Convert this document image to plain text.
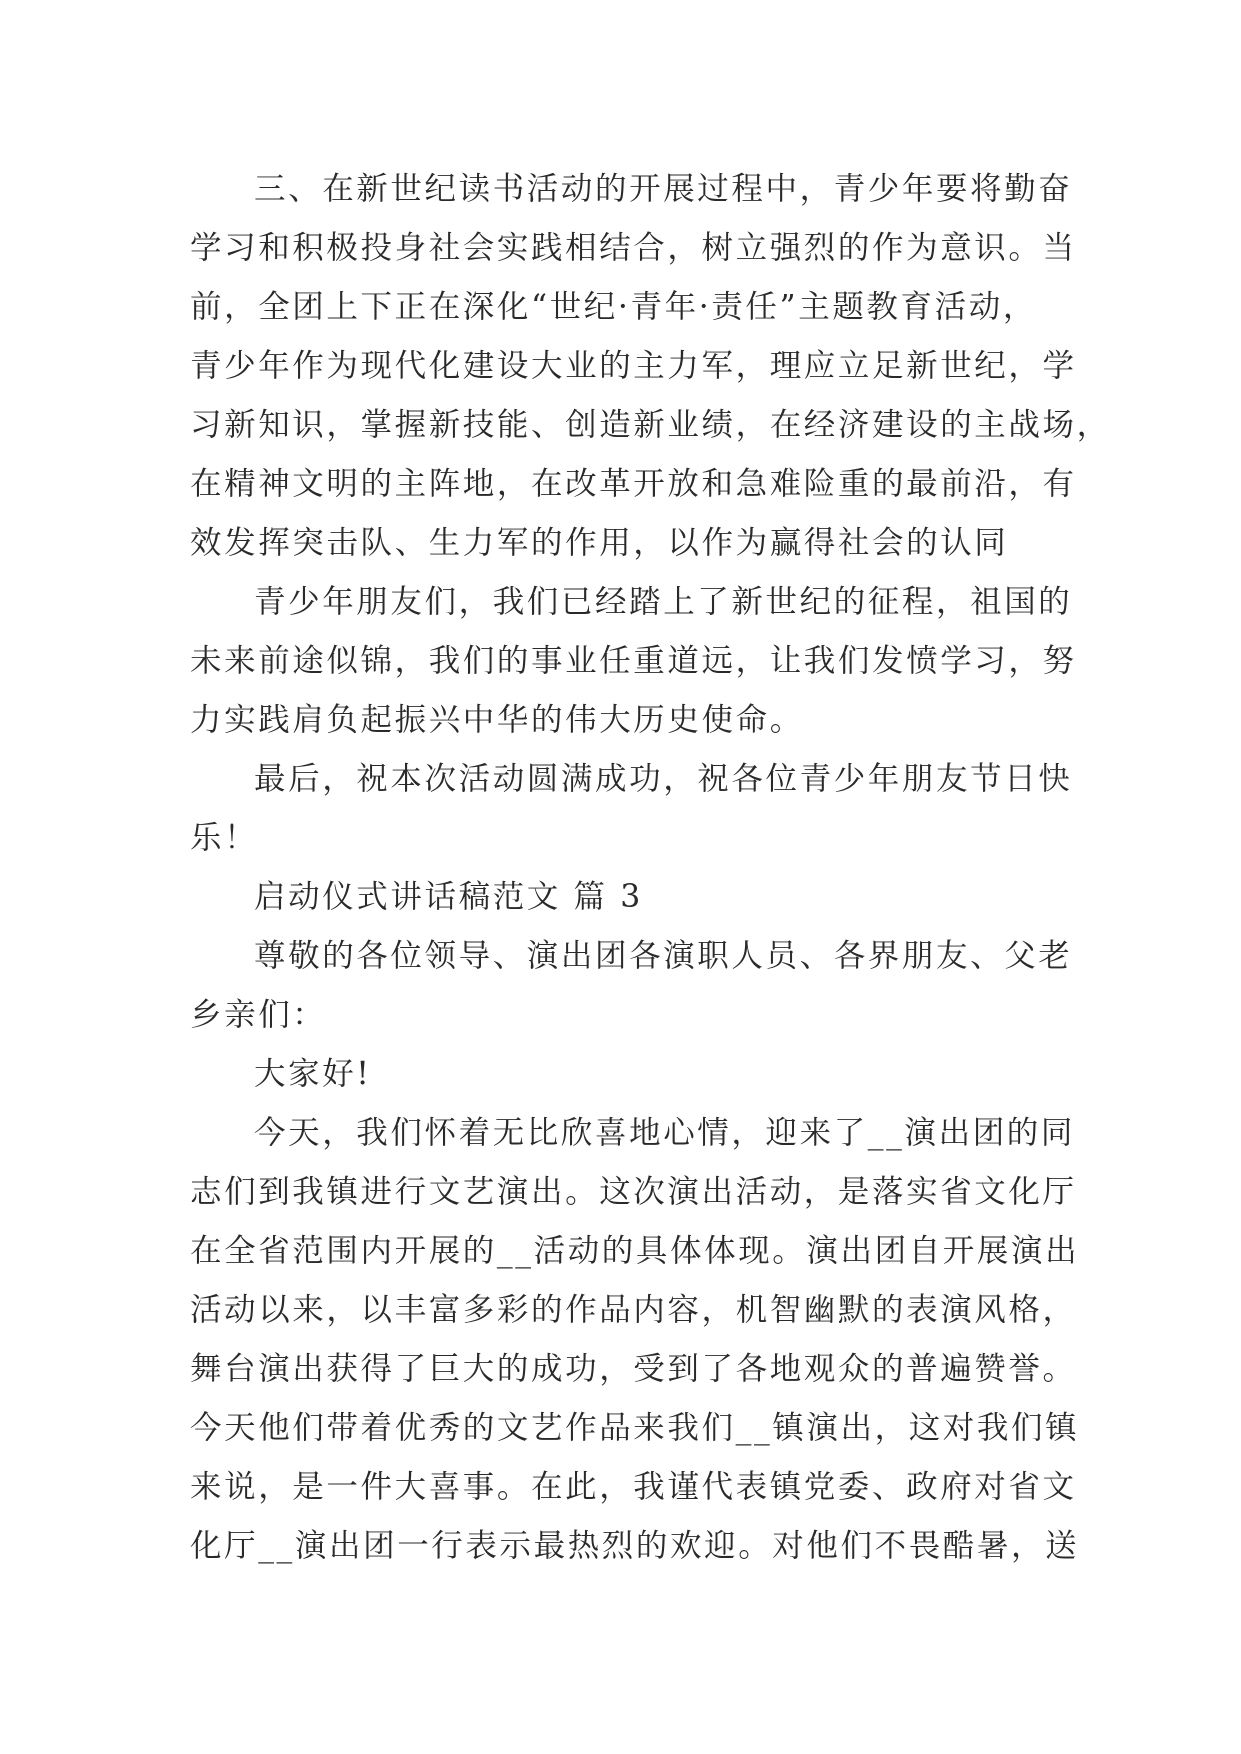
三、在新世纪读书活动的开展过程中，青少年要将勤奋
学习和积极投身社会实践相结合，树立强烈的作为意识。当
前，全团上下正在深化“世纪·青年·责任”主题教育活动，
青少年作为现代化建设大业的主力军，理应立足新世纪，学
习新知识，掌握新技能、创造新业绩，在经济建设的主战场，
在精神文明的主阵地，在改革开放和急难险重的最前沿，有
效发挥突击队、生力军的作用，以作为赢得社会的认同
青少年朋友们，我们已经踏上了新世纪的征程，祖国的
未来前途似锦，我们的事业任重道远，让我们发愤学习，努
力实践肩负起振兴中华的伟大历史使命。
最后，祝本次活动圆满成功，祝各位青少年朋友节日快
乐！
启动仪式讲话稿范文 篇 3
尊敬的各位领导、演出团各演职人员、各界朋友、父老
乡亲们：
大家好!
今天，我们怀着无比欣喜地心情，迎来了__演出团的同
志们到我镇进行文艺演出。这次演出活动，是落实省文化厅
在全省范围内开展的__活动的具体体现。演出团自开展演出
活动以来，以丰富多彩的作品内容，机智幽默的表演风格，
舞台演出获得了巨大的成功，受到了各地观众的普遍赞誉。
今天他们带着优秀的文艺作品来我们__镇演出，这对我们镇
来说，是一件大喜事。在此，我谨代表镇党委、政府对省文
化厅__演出团一行表示最热烈的欢迎。对他们不畏酷暑，送
